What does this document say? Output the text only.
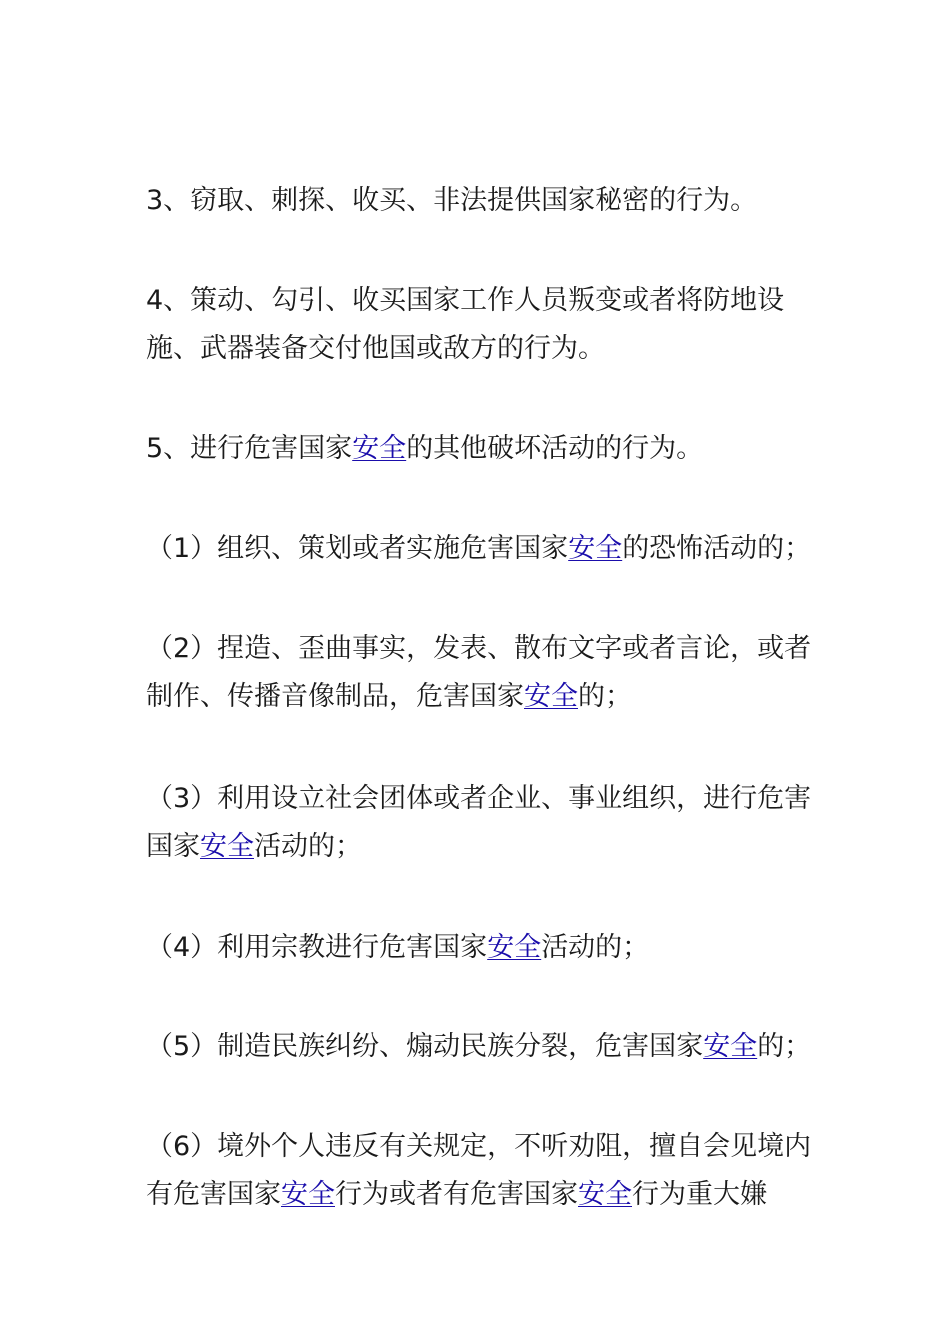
3、窃取、刺探、收买、非法提供国家秘密的行为。

4、策动、勾引、收买国家工作人员叛变或者将防地设
施、武器装备交付他国或敌方的行为。

5、进行危害国家安全的其他破坏活动的行为。

（1）组织、策划或者实施危害国家安全的恐怖活动的；

（2）捏造、歪曲事实，发表、散布文字或者言论，或者
制作、传播音像制品，危害国家安全的；

（3）利用设立社会团体或者企业、事业组织，进行危害
国家安全活动的；

（4）利用宗教进行危害国家安全活动的；

（5）制造民族纠纷、煽动民族分裂，危害国家安全的；

（6）境外个人违反有关规定，不听劝阻，擅自会见境内
有危害国家安全行为或者有危害国家安全行为重大嫌
